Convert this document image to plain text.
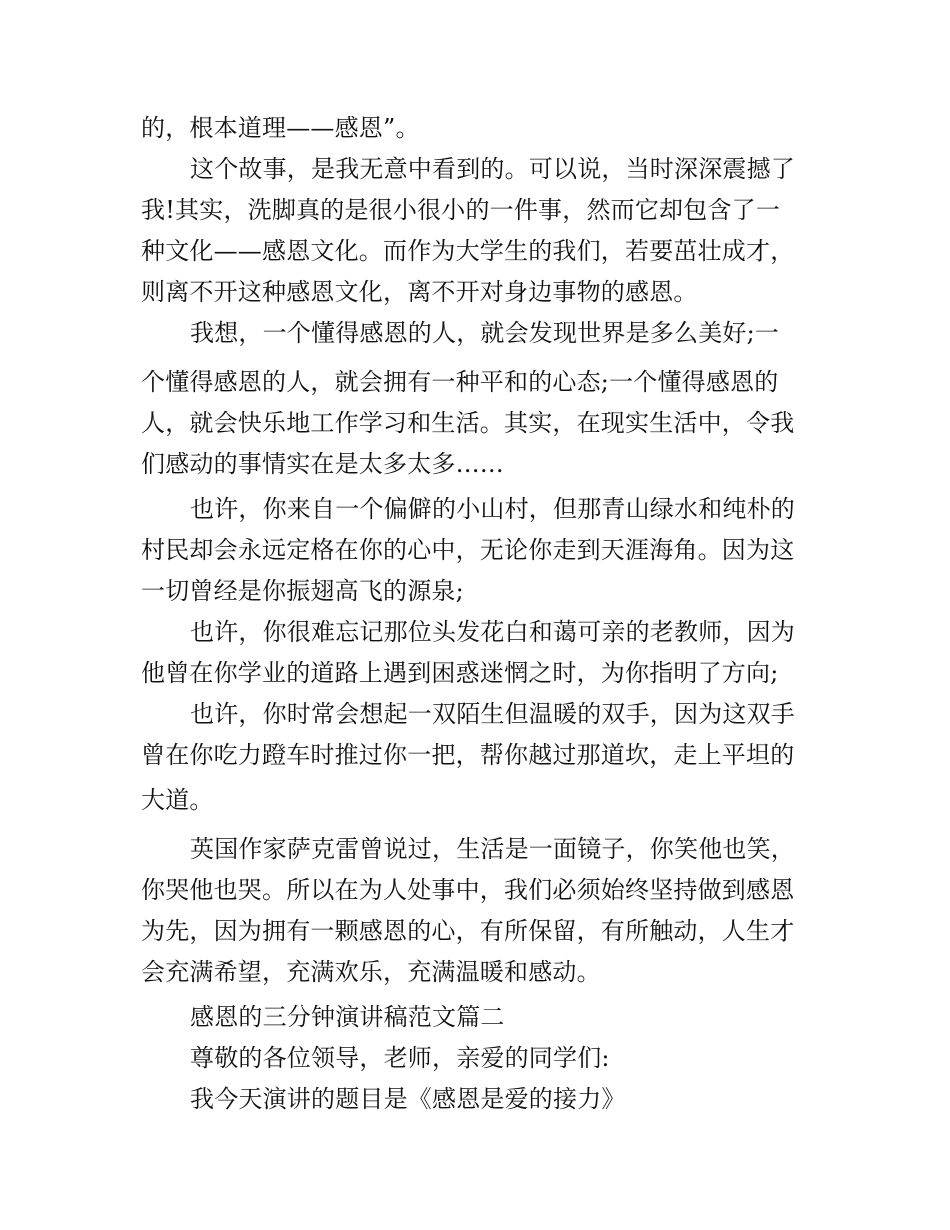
的，根本道理——感恩”。
这个故事，是我无意中看到的。可以说，当时深深震撼了
我!其实，洗脚真的是很小很小的一件事，然而它却包含了一
种文化——感恩文化。而作为大学生的我们，若要茁壮成才，
则离不开这种感恩文化，离不开对身边事物的感恩。
我想，一个懂得感恩的人，就会发现世界是多么美好;一
个懂得感恩的人，就会拥有一种平和的心态;一个懂得感恩的
人，就会快乐地工作学习和生活。其实，在现实生活中，令我
们感动的事情实在是太多太多……
也许，你来自一个偏僻的小山村，但那青山绿水和纯朴的
村民却会永远定格在你的心中，无论你走到天涯海角。因为这
一切曾经是你振翅高飞的源泉;
也许，你很难忘记那位头发花白和蔼可亲的老教师，因为
他曾在你学业的道路上遇到困惑迷惘之时，为你指明了方向;
也许，你时常会想起一双陌生但温暖的双手，因为这双手
曾在你吃力蹬车时推过你一把，帮你越过那道坎，走上平坦的
大道。
英国作家萨克雷曾说过，生活是一面镜子，你笑他也笑，
你哭他也哭。所以在为人处事中，我们必须始终坚持做到感恩
为先，因为拥有一颗感恩的心，有所保留，有所触动，人生才
会充满希望，充满欢乐，充满温暖和感动。
感恩的三分钟演讲稿范文篇二
尊敬的各位领导，老师，亲爱的同学们:
我今天演讲的题目是《感恩是爱的接力》
